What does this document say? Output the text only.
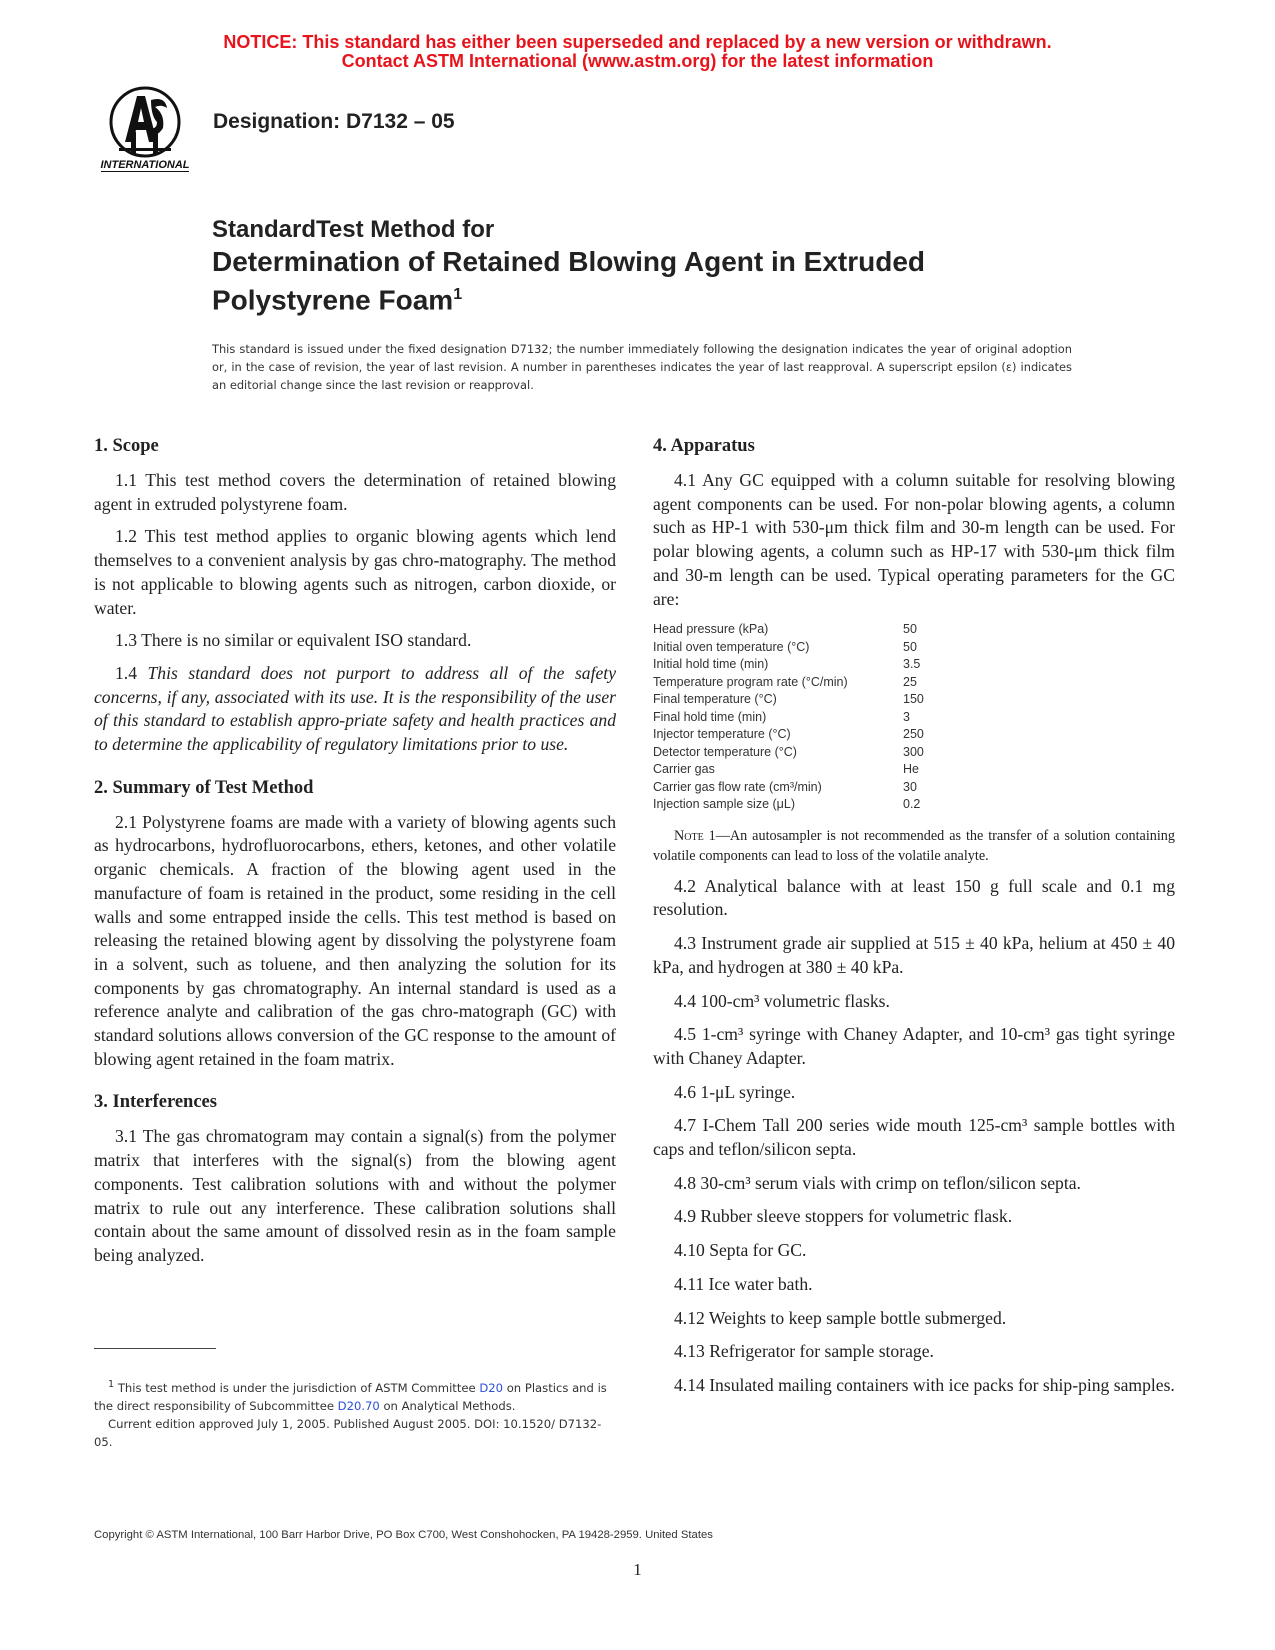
NOTICE: This standard has either been superseded and replaced by a new version or withdrawn.
Contact ASTM International (www.astm.org) for the latest information
INTERNATIONAL
Designation: D7132 – 05
StandardTest Method for
Determination of Retained Blowing Agent in Extruded
Polystyrene Foam$^1$
This standard is issued under the fixed designation D7132; the number immediately following the designation indicates the year of original adoption or, in the case of revision, the year of last revision. A number in parentheses indicates the year of last reapproval. A superscript epsilon (ε) indicates an editorial change since the last revision or reapproval.
1. Scope

1.1 This test method covers the determination of retained blowing agent in extruded polystyrene foam.

1.2 This test method applies to organic blowing agents which lend themselves to a convenient analysis by gas chro-matography. The method is not applicable to blowing agents such as nitrogen, carbon dioxide, or water.

1.3 There is no similar or equivalent ISO standard.

1.4 This standard does not purport to address all of the safety concerns, if any, associated with its use. It is the responsibility of the user of this standard to establish appro-priate safety and health practices and to determine the applicability of regulatory limitations prior to use.

2. Summary of Test Method

2.1 Polystyrene foams are made with a variety of blowing agents such as hydrocarbons, hydrofluorocarbons, ethers, ketones, and other volatile organic chemicals. A fraction of the blowing agent used in the manufacture of foam is retained in the product, some residing in the cell walls and some entrapped inside the cells. This test method is based on releasing the retained blowing agent by dissolving the polystyrene foam in a solvent, such as toluene, and then analyzing the solution for its components by gas chromatography. An internal standard is used as a reference analyte and calibration of the gas chro-matograph (GC) with standard solutions allows conversion of the GC response to the amount of blowing agent retained in the foam matrix.

3. Interferences

3.1 The gas chromatogram may contain a signal(s) from the polymer matrix that interferes with the signal(s) from the blowing agent components. Test calibration solutions with and without the polymer matrix to rule out any interference. These calibration solutions shall contain about the same amount of dissolved resin as in the foam sample being analyzed.

4. Apparatus

4.1 Any GC equipped with a column suitable for resolving blowing agent components can be used. For non-polar blowing agents, a column such as HP-1 with 530-μm thick film and 30-m length can be used. For polar blowing agents, a column such as HP-17 with 530-μm thick film and 30-m length can be used. Typical operating parameters for the GC are:

Head pressure (kPa)	50
Initial oven temperature (°C)	50
Initial hold time (min)	3.5
Temperature program rate (°C/min)	25
Final temperature (°C)	150
Final hold time (min)	3
Injector temperature (°C)	250
Detector temperature (°C)	300
Carrier gas	He
Carrier gas flow rate (cm³/min)	30
Injection sample size (μL)	0.2
Note 1—An autosampler is not recommended as the transfer of a solution containing volatile components can lead to loss of the volatile analyte.

4.2 Analytical balance with at least 150 g full scale and 0.1 mg resolution.

4.3 Instrument grade air supplied at 515 ± 40 kPa, helium at 450 ± 40 kPa, and hydrogen at 380 ± 40 kPa.

4.4 100-cm³ volumetric flasks.

4.5 1-cm³ syringe with Chaney Adapter, and 10-cm³ gas tight syringe with Chaney Adapter.

4.6 1-μL syringe.

4.7 I-Chem Tall 200 series wide mouth 125-cm³ sample bottles with caps and teflon/silicon septa.

4.8 30-cm³ serum vials with crimp on teflon/silicon septa.

4.9 Rubber sleeve stoppers for volumetric flask.

4.10 Septa for GC.

4.11 Ice water bath.

4.12 Weights to keep sample bottle submerged.

4.13 Refrigerator for sample storage.

4.14 Insulated mailing containers with ice packs for ship-ping samples.

$^1$ This test method is under the jurisdiction of ASTM Committee D20 on Plastics and is the direct responsibility of Subcommittee D20.70 on Analytical Methods.

Current edition approved July 1, 2005. Published August 2005. DOI: 10.1520/ D7132-05.

Copyright © ASTM International, 100 Barr Harbor Drive, PO Box C700, West Conshohocken, PA 19428-2959. United States
1
